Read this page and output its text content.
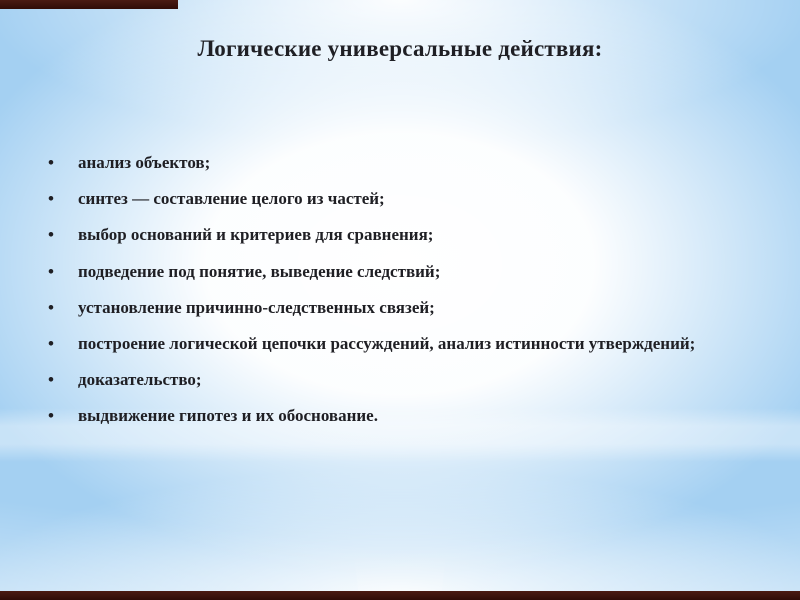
Логические универсальные действия:
• анализ объектов;
• синтез — составление целого из частей;
• выбор оснований и критериев для сравнения;
• подведение под понятие, выведение следствий;
• установление причинно-следственных связей;
• построение логической цепочки рассуждений, анализ истинности утверждений;
• доказательство;
• выдвижение гипотез и их обоснование.
